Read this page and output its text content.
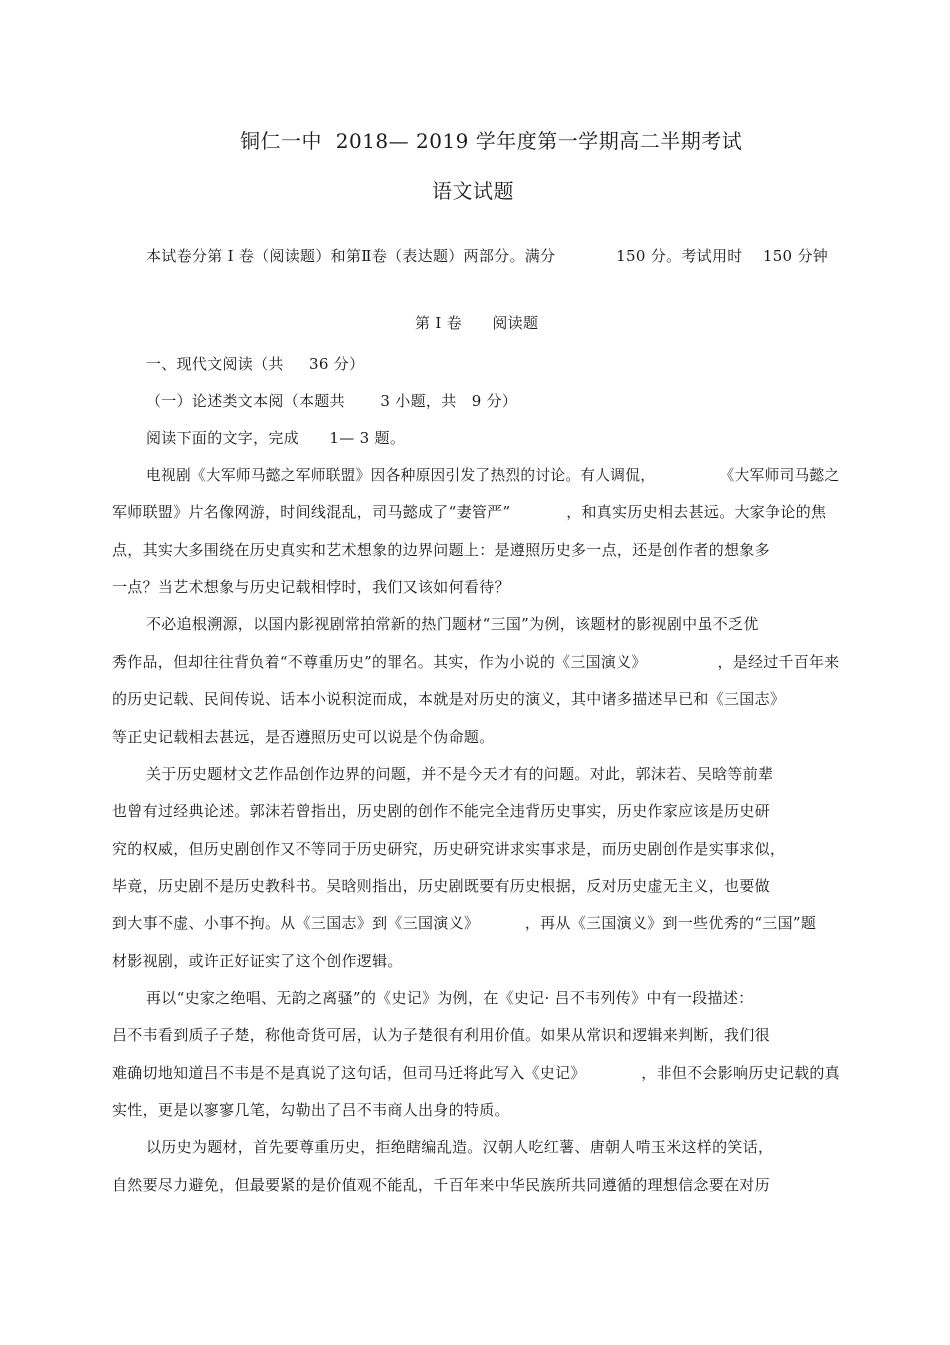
铜仁一中  2018— 2019 学年度第一学期高二半期考试
语文试题
本试卷分第 I 卷（阅读题）和第Ⅱ卷（表达题）两部分。满分            150 分。考试用时    150 分钟
第 I 卷      阅读题
一、现代文阅读（共     36 分）
（一）论述类文本阅（本题共       3 小题，共   9 分）
阅读下面的文字，完成      1— 3 题。
电视剧《大军师马懿之军师联盟》因各种原因引发了热烈的讨论。有人调侃，             《大军师司马懿之
军师联盟》片名像网游，时间线混乱，司马懿成了“妻管严”           ，和真实历史相去甚远。大家争论的焦
点，其实大多围绕在历史真实和艺术想象的边界问题上：是遵照历史多一点，还是创作者的想象多
一点？当艺术想象与历史记载相悖时，我们又该如何看待？
不必追根溯源，以国内影视剧常拍常新的热门题材“三国”为例，该题材的影视剧中虽不乏优
秀作品，但却往往背负着“不尊重历史”的罪名。其实，作为小说的《三国演义》              ，是经过千百年来
的历史记载、民间传说、话本小说积淀而成，本就是对历史的演义，其中诸多描述早已和《三国志》
等正史记载相去甚远，是否遵照历史可以说是个伪命题。
关于历史题材文艺作品创作边界的问题，并不是今天才有的问题。对此，郭沫若、吴晗等前辈
也曾有过经典论述。郭沫若曾指出，历史剧的创作不能完全违背历史事实，历史作家应该是历史研
究的权威，但历史剧创作又不等同于历史研究，历史研究讲求实事求是，而历史剧创作是实事求似，
毕竟，历史剧不是历史教科书。吴晗则指出，历史剧既要有历史根据，反对历史虚无主义，也要做
到大事不虚、小事不拘。从《三国志》到《三国演义》         ，再从《三国演义》到一些优秀的“三国”题
材影视剧，或许正好证实了这个创作逻辑。
再以“史家之绝唱、无韵之离骚”的《史记》为例，在《史记· 吕不韦列传》中有一段描述：
吕不韦看到质子子楚，称他奇货可居，认为子楚很有利用价值。如果从常识和逻辑来判断，我们很
难确切地知道吕不韦是不是真说了这句话，但司马迁将此写入《史记》           ，非但不会影响历史记载的真
实性，更是以寥寥几笔，勾勒出了吕不韦商人出身的特质。
以历史为题材，首先要尊重历史，拒绝瞎编乱造。汉朝人吃红薯、唐朝人啃玉米这样的笑话，
自然要尽力避免，但最要紧的是价值观不能乱，千百年来中华民族所共同遵循的理想信念要在对历
